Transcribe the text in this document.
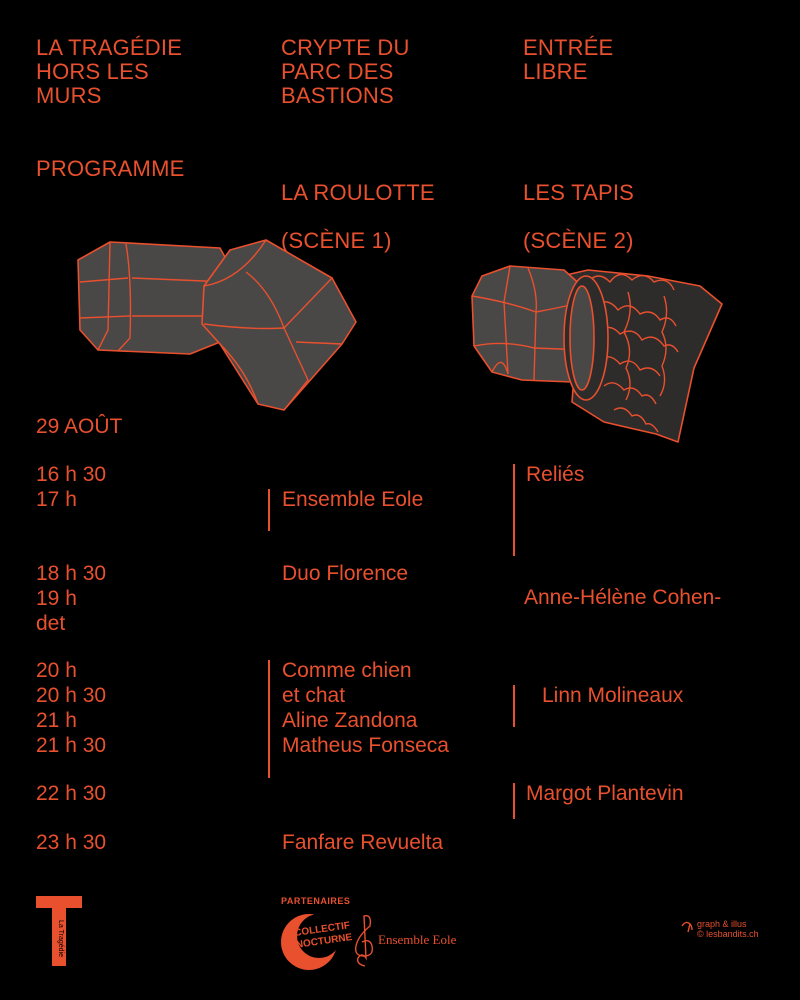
LA TRAGÉDIE
HORS LES
MURS

CRYPTE DU
PARC DES
BASTIONS

ENTRÉE
LIBRE

PROGRAMME

LA ROULOTTE

(SCÈNE 1)

LES TAPIS

(SCÈNE 2)

29 AOÛT

16 h 30
17 h

18 h 30
19 h
det

20 h
20 h 30
21 h
21 h 30

22 h 30

23 h 30

Ensemble Eole

Duo Florence

Comme chien
et chat
Aline Zandona
Matheus Fonseca

Fanfare Revuelta

Reliés

Anne-Hélène Cohen-

Linn Molineaux

Margot Plantevin

La Tragédie

PARTENAIRES

COLLECTIF
NOCTURNE Ensemble Eole

graph & illus
© lesbandits.ch
